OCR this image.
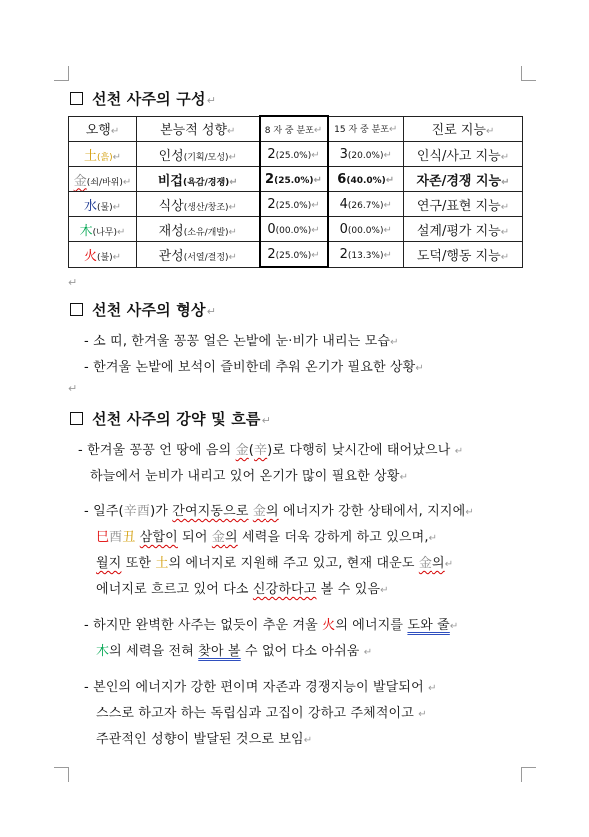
선천 사주의 구성↵
오행↵	본능적 성향↵	8 자 중 분포↵	15 자 중 분포↵	진로 지능↵
土(흙)↵	인성(기획/모성)↵	2(25.0%)↵	3(20.0%)↵	인식/사고 지능↵
金(쇠/바위)↵	비겁(욕감/경쟁)↵	2(25.0%)↵	6(40.0%)↵	자존/경쟁 지능↵
水(물)↵	식상(생산/창조)↵	2(25.0%)↵	4(26.7%)↵	연구/표현 지능↵
木(나무)↵	재성(소유/개발)↵	0(00.0%)↵	0(00.0%)↵	설계/평가 지능↵
火(불)↵	관성(서열/결정)↵	2(25.0%)↵	2(13.3%)↵	도덕/행동 지능↵
↵
선천 사주의 형상↵
- 소 띠, 한겨울 꽁꽁 얼은 논밭에 눈·비가 내리는 모습↵
- 한겨울 논밭에 보석이 즐비한데 추워 온기가 필요한 상황↵
↵
선천 사주의 강약 및 흐름↵
- 한겨울 꽁꽁 언 땅에 음의 金(辛)로 다행히 낮시간에 태어났으나 ↵
하늘에서 눈비가 내리고 있어 온기가 많이 필요한 상황↵
- 일주(辛酉)가 간여지동으로 金의 에너지가 강한 상태에서, 지지에↵
巳酉丑 삼합이 되어 金의 세력을 더욱 강하게 하고 있으며,↵
월지 또한 土의 에너지로 지원해 주고 있고, 현재 대운도 金의↵
에너지로 흐르고 있어 다소 신강하다고 볼 수 있음↵
- 하지만 완벽한 사주는 없듯이 추운 겨울 火의 에너지를 도와 줄↵
木의 세력을 전혀 찾아 볼 수 없어 다소 아쉬움 ↵
- 본인의 에너지가 강한 편이며 자존과 경쟁지능이 발달되어 ↵
스스로 하고자 하는 독립심과 고집이 강하고 주체적이고 ↵
주관적인 성향이 발달된 것으로 보임↵
